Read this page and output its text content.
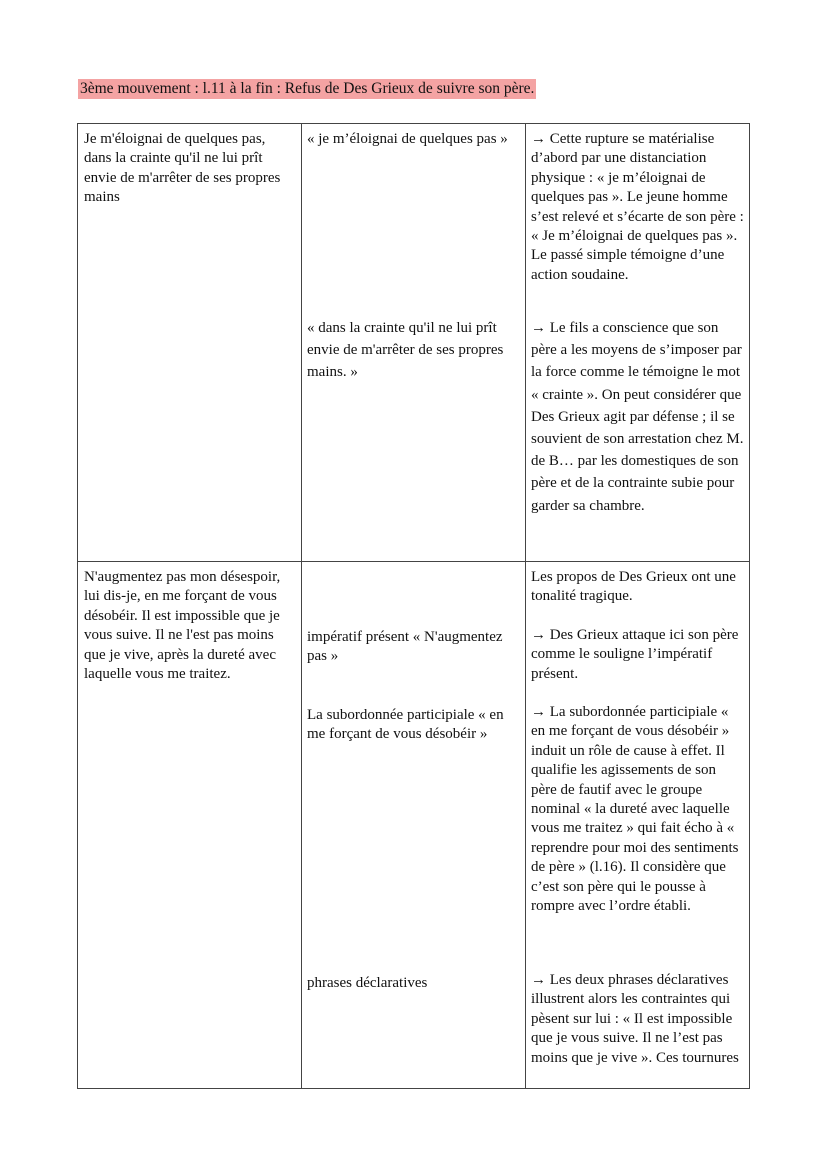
3ème mouvement : l.11 à la fin : Refus de Des Grieux de suivre son père.
Je m'éloignai de quelques pas, dans la crainte qu'il ne lui prît envie de m'arrêter de ses propres mains
« je m’éloignai de quelques pas »	→ Cette rupture se matérialise d’abord par une distanciation physique : « je m’éloignai de quelques pas ». Le jeune homme s’est relevé et s’écarte de son père : « Je m’éloignai de quelques pas ». Le passé simple témoigne d’une action soudaine.
« dans la crainte qu'il ne lui prît envie de m'arrêter de ses propres mains. »
→ Le fils a conscience que son père a les moyens de s’imposer par la force comme le témoigne le mot « crainte ». On peut considérer que Des Grieux agit par défense ; il se souvient de son arrestation chez M. de B… par les domestiques de son père et de la contrainte subie pour garder sa chambre.
N'augmentez pas mon désespoir, lui dis-je, en me forçant de vous désobéir. Il est impossible que je vous suive. Il ne l'est pas moins que je vive, après la dureté avec laquelle vous me traitez.
Les propos de Des Grieux ont une tonalité tragique.
impératif présent « N'augmentez pas »
→ Des Grieux attaque ici son père comme le souligne l’impératif présent.
La subordonnée participiale « en me forçant de vous désobéir »
→ La subordonnée participiale « en me forçant de vous désobéir » induit un rôle de cause à effet. Il qualifie les agissements de son père de fautif avec le groupe nominal « la dureté avec laquelle vous me traitez » qui fait écho à « reprendre pour moi des sentiments de père » (l.16). Il considère que c’est son père qui le pousse à rompre avec l’ordre établi.
phrases déclaratives	→ Les deux phrases déclaratives illustrent alors les contraintes qui pèsent sur lui : « Il est impossible que je vous suive. Il ne l’est pas moins que je vive ». Ces tournures
